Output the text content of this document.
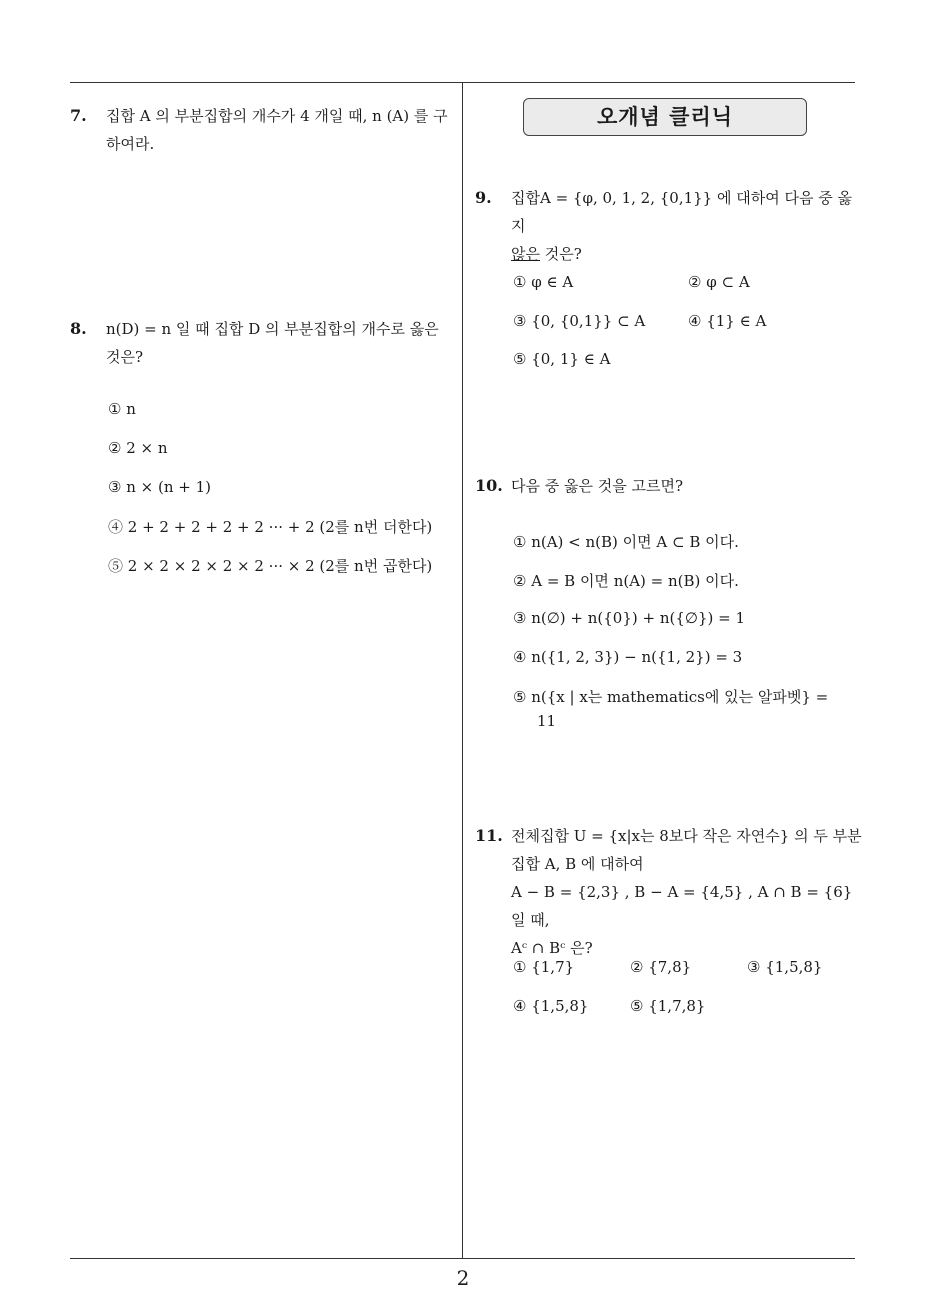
2
7.	집합 A 의 부분집합의 개수가 4 개일 때, n (A) 를 구하여라.
8.	n(D) = n 일 때 집합 D 의 부분집합의 개수로 옳은 것은?
① n
② 2 × n
③ n × (n + 1)
④ 2 + 2 + 2 + 2 + 2 ··· + 2 (2를 n번 더한다)
⑤ 2 × 2 × 2 × 2 × 2 ··· × 2 (2를 n번 곱한다)
오개념 클리닉
9.	집합A = {φ, 0, 1, 2, {0,1}} 에 대하여 다음 중 옳지
않은 것은?
① φ ∈ A	② φ ⊂ A
③ {0, {0,1}} ⊂ A	④ {1} ∈ A
⑤ {0, 1} ∈ A
10. 다음 중 옳은 것을 고르면?
① n(A) < n(B) 이면 A ⊂ B 이다.
② A = B 이면 n(A) = n(B) 이다.
③ n(∅) + n({0}) + n({∅}) = 1
④ n({1, 2, 3}) − n({1, 2}) = 3
⑤ n({x | x는 mathematics에 있는 알파벳} =
11
11. 전체집합 U = {x|x는 8보다 작은 자연수} 의 두 부분
집합 A, B 에 대하여
A − B = {2,3} , B − A = {4,5} , A ∩ B = {6} 일 때,
Aᶜ ∩ Bᶜ 은?
① {1,7}	② {7,8}	③ {1,5,8}
④ {1,5,8}	⑤ {1,7,8}
